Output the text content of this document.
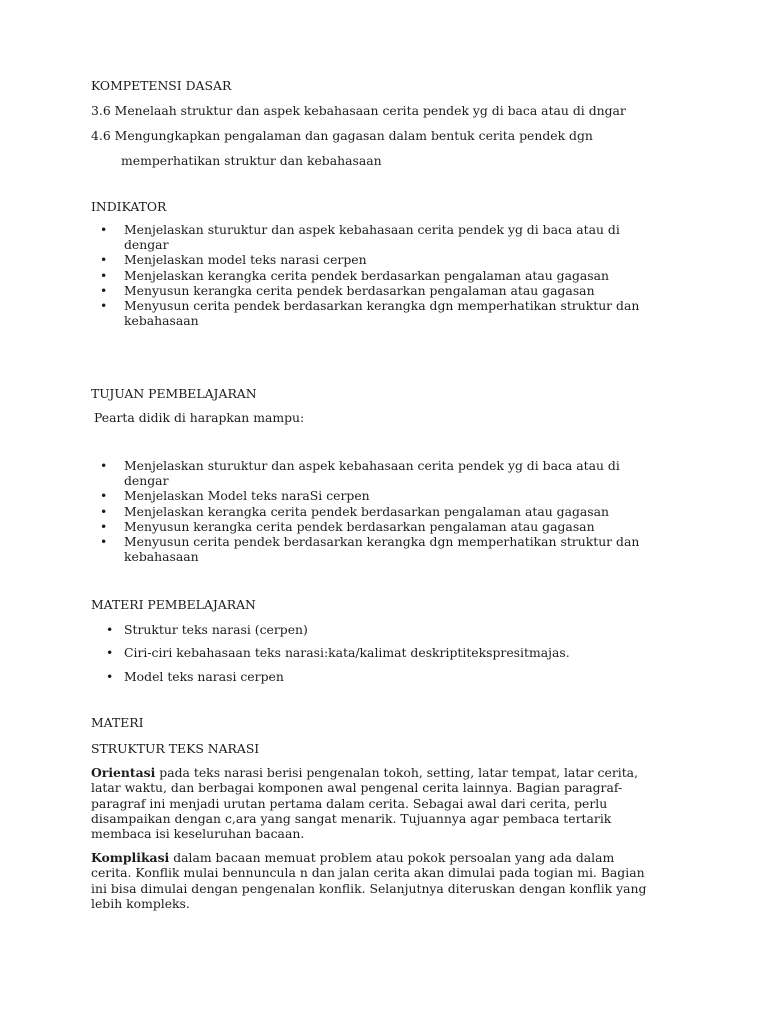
KOMPETENSI DASAR
3.6 Menelaah struktur dan aspek kebahasaan cerita pendek yg di baca atau di dngar
4.6 Mengungkapkan pengalaman dan gagasan dalam bentuk cerita pendek dgn
memperhatikan struktur dan kebahasaan
INDIKATOR
• Menjelaskan sturuktur dan aspek kebahasaan cerita pendek yg di baca atau di dengar
• Menjelaskan model teks narasi cerpen
• Menjelaskan kerangka cerita pendek berdasarkan pengalaman atau gagasan
• Menyusun kerangka cerita pendek berdasarkan pengalaman atau gagasan
• Menyusun cerita pendek berdasarkan kerangka dgn memperhatikan struktur dan kebahasaan
TUJUAN PEMBELAJARAN
Pearta didik di harapkan mampu:
• Menjelaskan sturuktur dan aspek kebahasaan cerita pendek yg di baca atau di dengar
• Menjelaskan Model teks naraSi cerpen
• Menjelaskan kerangka cerita pendek berdasarkan pengalaman atau gagasan
• Menyusun kerangka cerita pendek berdasarkan pengalaman atau gagasan
• Menyusun cerita pendek berdasarkan kerangka dgn memperhatikan struktur dan kebahasaan
MATERI PEMBELAJARAN
• Struktur teks narasi (cerpen)
• Ciri-ciri kebahasaan teks narasi:kata/kalimat deskriptitekspresitmajas.
• Model teks narasi cerpen
MATERI
STRUKTUR TEKS NARASI

Orientasi pada teks narasi berisi pengenalan tokoh, setting, latar tempat, latar cerita, latar waktu, dan berbagai komponen awal pengenal cerita lainnya. Bagian paragraf- paragraf ini menjadi urutan pertama dalam cerita. Sebagai awal dari cerita, perlu disampaikan dengan c,ara yang sangat menarik. Tujuannya agar pembaca tertarik membaca isi keseluruhan bacaan.

Komplikasi dalam bacaan memuat problem atau pokok persoalan yang ada dalam cerita. Konflik mulai bennuncula n dan jalan cerita akan dimulai pada togian mi. Bagian ini bisa dimulai dengan pengenalan konflik. Selanjutnya diteruskan dengan konflik yang lebih kompleks.
